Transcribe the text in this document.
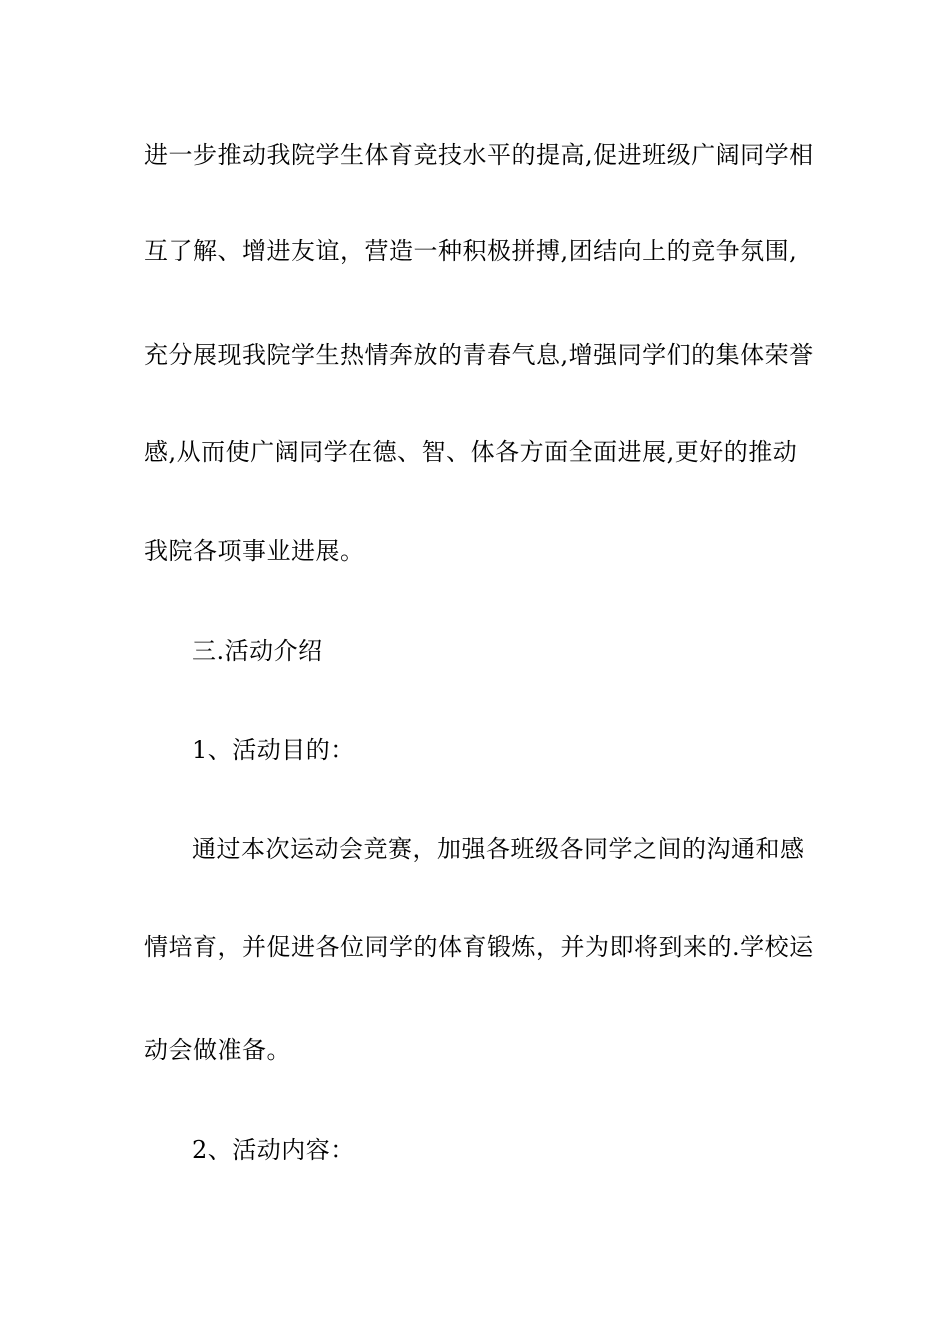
进一步推动我院学生体育竞技水平的提高,促进班级广阔同学相
互了解、增进友谊，营造一种积极拼搏,团结向上的竞争氛围,
充分展现我院学生热情奔放的青春气息,增强同学们的集体荣誉
感,从而使广阔同学在德、智、体各方面全面进展,更好的推动
我院各项事业进展。
三.活动介绍
1、活动目的：
通过本次运动会竞赛，加强各班级各同学之间的沟通和感
情培育，并促进各位同学的体育锻炼，并为即将到来的.学校运
动会做准备。
2、活动内容：
